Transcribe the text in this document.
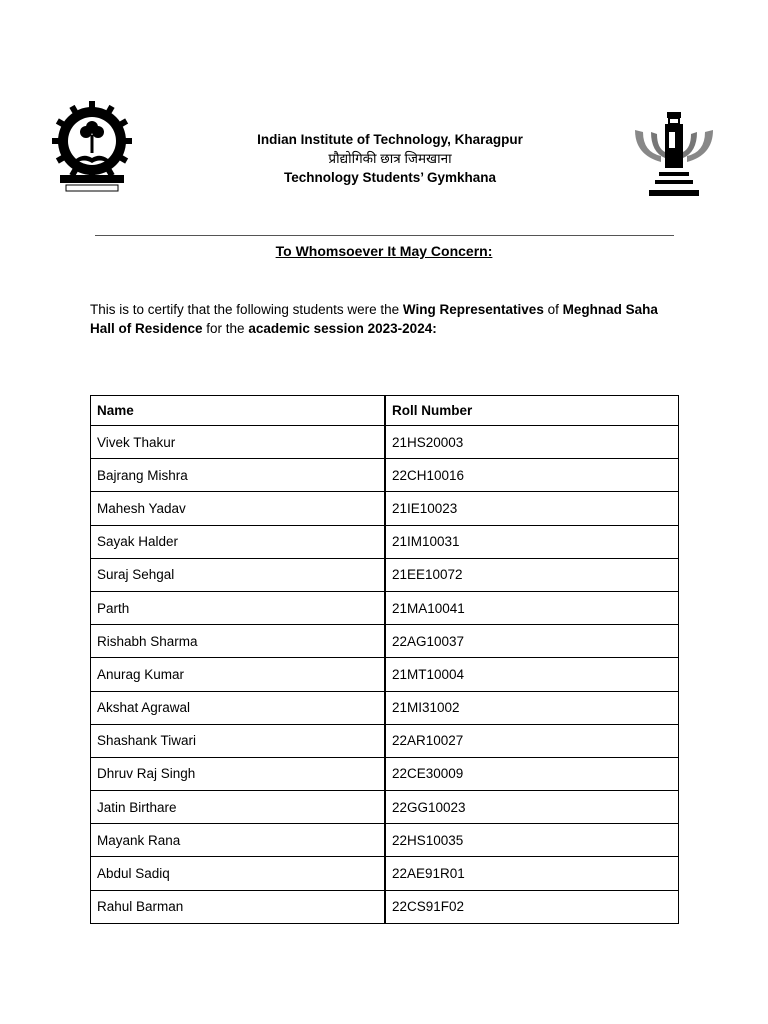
Indian Institute of Technology, Kharagpur
प्रौद्योगिकी छात्र जिमखाना
Technology Students’ Gymkhana
To Whomsoever It May Concern:
This is to certify that the following students were the Wing Representatives of Meghnad Saha Hall of Residence for the academic session 2023-2024:
Name	Roll Number
Vivek Thakur	21HS20003
Bajrang Mishra	22CH10016
Mahesh Yadav	21IE10023
Sayak Halder	21IM10031
Suraj Sehgal	21EE10072
Parth	21MA10041
Rishabh Sharma	22AG10037
Anurag Kumar	21MT10004
Akshat Agrawal	21MI31002
Shashank Tiwari	22AR10027
Dhruv Raj Singh	22CE30009
Jatin Birthare	22GG10023
Mayank Rana	22HS10035
Abdul Sadiq	22AE91R01
Rahul Barman	22CS91F02
